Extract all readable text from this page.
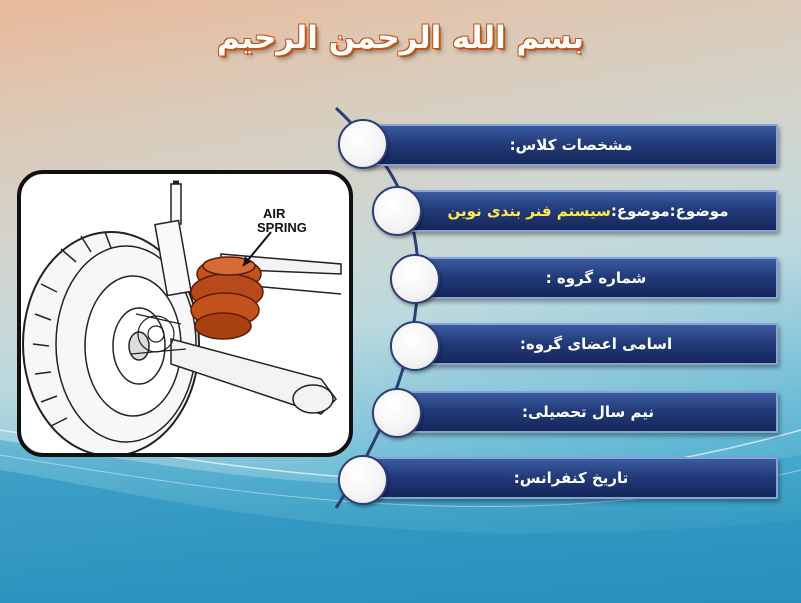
بسم الله الرحمن الرحیم
AIR
SPRING
مشخصات کلاس:
موضوع:موضوع:
سیستم فنر بندی نوین
شماره گروه :
اسامی اعضای گروه:
نیم سال تحصیلی:
تاریخ کنفرانس:
